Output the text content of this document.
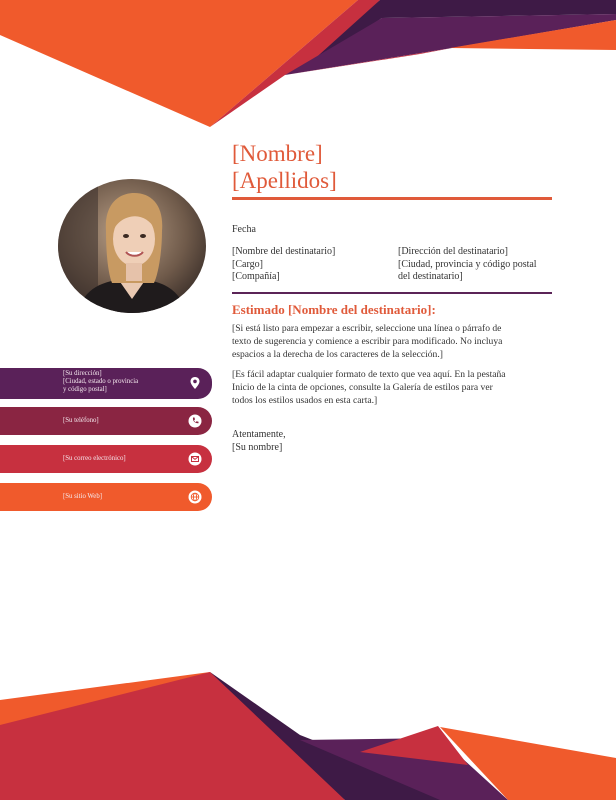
[Nombre]
[Apellidos]
Fecha
[Nombre del destinatario]
[Cargo]
[Compañía]
[Dirección del destinatario]
[Ciudad, provincia y código postal
del destinatario]
Estimado [Nombre del destinatario]:
[Si está listo para empezar a escribir, seleccione una línea o párrafo de
texto de sugerencia y comience a escribir para modificado. No incluya
espacios a la derecha de los caracteres de la selección.]
[Es fácil adaptar cualquier formato de texto que vea aquí. En la pestaña
Inicio de la cinta de opciones, consulte la Galería de estilos para ver
todos los estilos usados en esta carta.]
Atentamente,
[Su nombre]
[Su dirección]
[Ciudad, estado o provincia
y código postal]
[Su teléfono]
[Su correo electrónico]
[Su sitio Web]
